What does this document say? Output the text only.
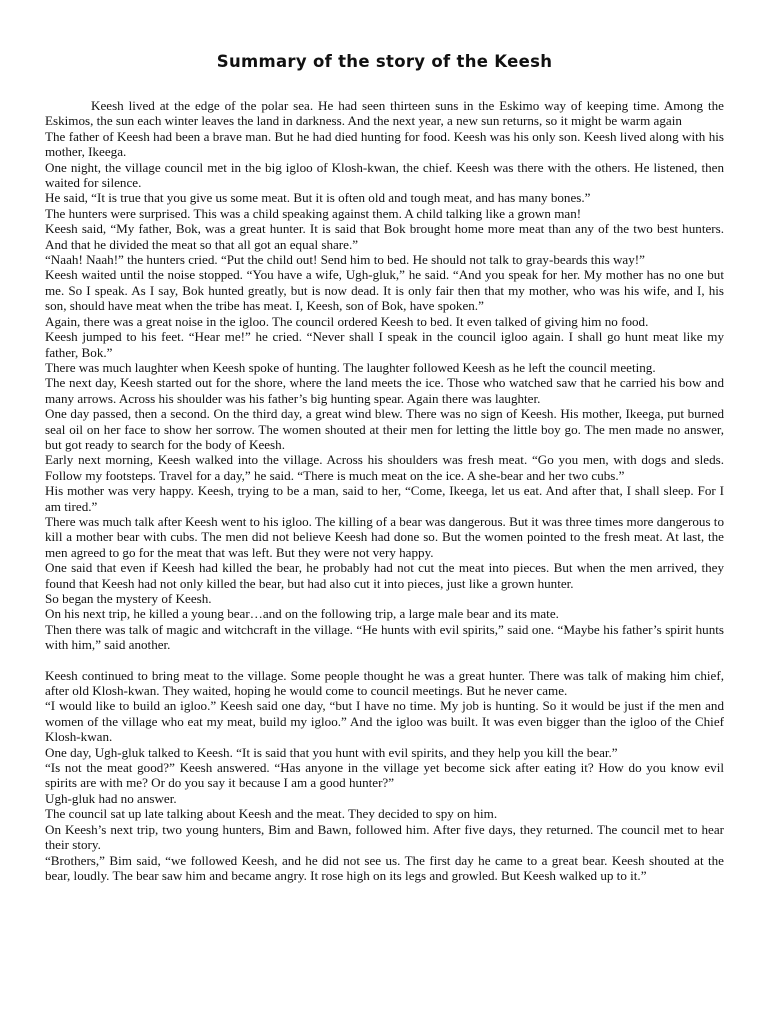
Summary of the story of the Keesh

Keesh lived at the edge of the polar sea. He had seen thirteen suns in the Eskimo way of keeping time. Among the Eskimos, the sun each winter leaves the land in darkness. And the next year, a new sun returns, so it might be warm again

The father of Keesh had been a brave man. But he had died hunting for food. Keesh was his only son. Keesh lived along with his mother, Ikeega.

One night, the village council met in the big igloo of Klosh-kwan, the chief. Keesh was there with the others. He listened, then waited for silence.

He said, “It is true that you give us some meat. But it is often old and tough meat, and has many bones.”

The hunters were surprised. This was a child speaking against them. A child talking like a grown man!

Keesh said, “My father, Bok, was a great hunter. It is said that Bok brought home more meat than any of the two best hunters. And that he divided the meat so that all got an equal share.”

“Naah! Naah!” the hunters cried. “Put the child out! Send him to bed. He should not talk to gray-beards this way!”

Keesh waited until the noise stopped. “You have a wife, Ugh-gluk,” he said. “And you speak for her. My mother has no one but me. So I speak. As I say, Bok hunted greatly, but is now dead. It is only fair then that my mother, who was his wife, and I, his son, should have meat when the tribe has meat. I, Keesh, son of Bok, have spoken.”

Again, there was a great noise in the igloo. The council ordered Keesh to bed. It even talked of giving him no food.

Keesh jumped to his feet. “Hear me!” he cried. “Never shall I speak in the council igloo again. I shall go hunt meat like my father, Bok.”

There was much laughter when Keesh spoke of hunting. The laughter followed Keesh as he left the council meeting.

The next day, Keesh started out for the shore, where the land meets the ice. Those who watched saw that he carried his bow and many arrows. Across his shoulder was his father’s big hunting spear. Again there was laughter.

One day passed, then a second. On the third day, a great wind blew. There was no sign of Keesh. His mother, Ikeega, put burned seal oil on her face to show her sorrow. The women shouted at their men for letting the little boy go. The men made no answer, but got ready to search for the body of Keesh.

Early next morning, Keesh walked into the village. Across his shoulders was fresh meat. “Go you men, with dogs and sleds. Follow my footsteps. Travel for a day,” he said. “There is much meat on the ice. A she-bear and her two cubs.”

His mother was very happy. Keesh, trying to be a man, said to her, “Come, Ikeega, let us eat. And after that, I shall sleep. For I am tired.”

There was much talk after Keesh went to his igloo. The killing of a bear was dangerous. But it was three times more dangerous to kill a mother bear with cubs. The men did not believe Keesh had done so. But the women pointed to the fresh meat. At last, the men agreed to go for the meat that was left. But they were not very happy.

One said that even if Keesh had killed the bear, he probably had not cut the meat into pieces. But when the men arrived, they found that Keesh had not only killed the bear, but had also cut it into pieces, just like a grown hunter.

So began the mystery of Keesh.

On his next trip, he killed a young bear…and on the following trip, a large male bear and its mate.

Then there was talk of magic and witchcraft in the village. “He hunts with evil spirits,” said one. “Maybe his father’s spirit hunts with him,” said another.

Keesh continued to bring meat to the village. Some people thought he was a great hunter. There was talk of making him chief, after old Klosh-kwan. They waited, hoping he would come to council meetings. But he never came.

“I would like to build an igloo.” Keesh said one day, “but I have no time. My job is hunting. So it would be just if the men and women of the village who eat my meat, build my igloo.” And the igloo was built. It was even bigger than the igloo of the Chief Klosh-kwan.

One day, Ugh-gluk talked to Keesh. “It is said that you hunt with evil spirits, and they help you kill the bear.”

“Is not the meat good?” Keesh answered. “Has anyone in the village yet become sick after eating it? How do you know evil spirits are with me? Or do you say it because I am a good hunter?”

Ugh-gluk had no answer.

The council sat up late talking about Keesh and the meat. They decided to spy on him.

On Keesh’s next trip, two young hunters, Bim and Bawn, followed him. After five days, they returned. The council met to hear their story.

“Brothers,” Bim said, “we followed Keesh, and he did not see us. The first day he came to a great bear. Keesh shouted at the bear, loudly. The bear saw him and became angry. It rose high on its legs and growled. But Keesh walked up to it.”
